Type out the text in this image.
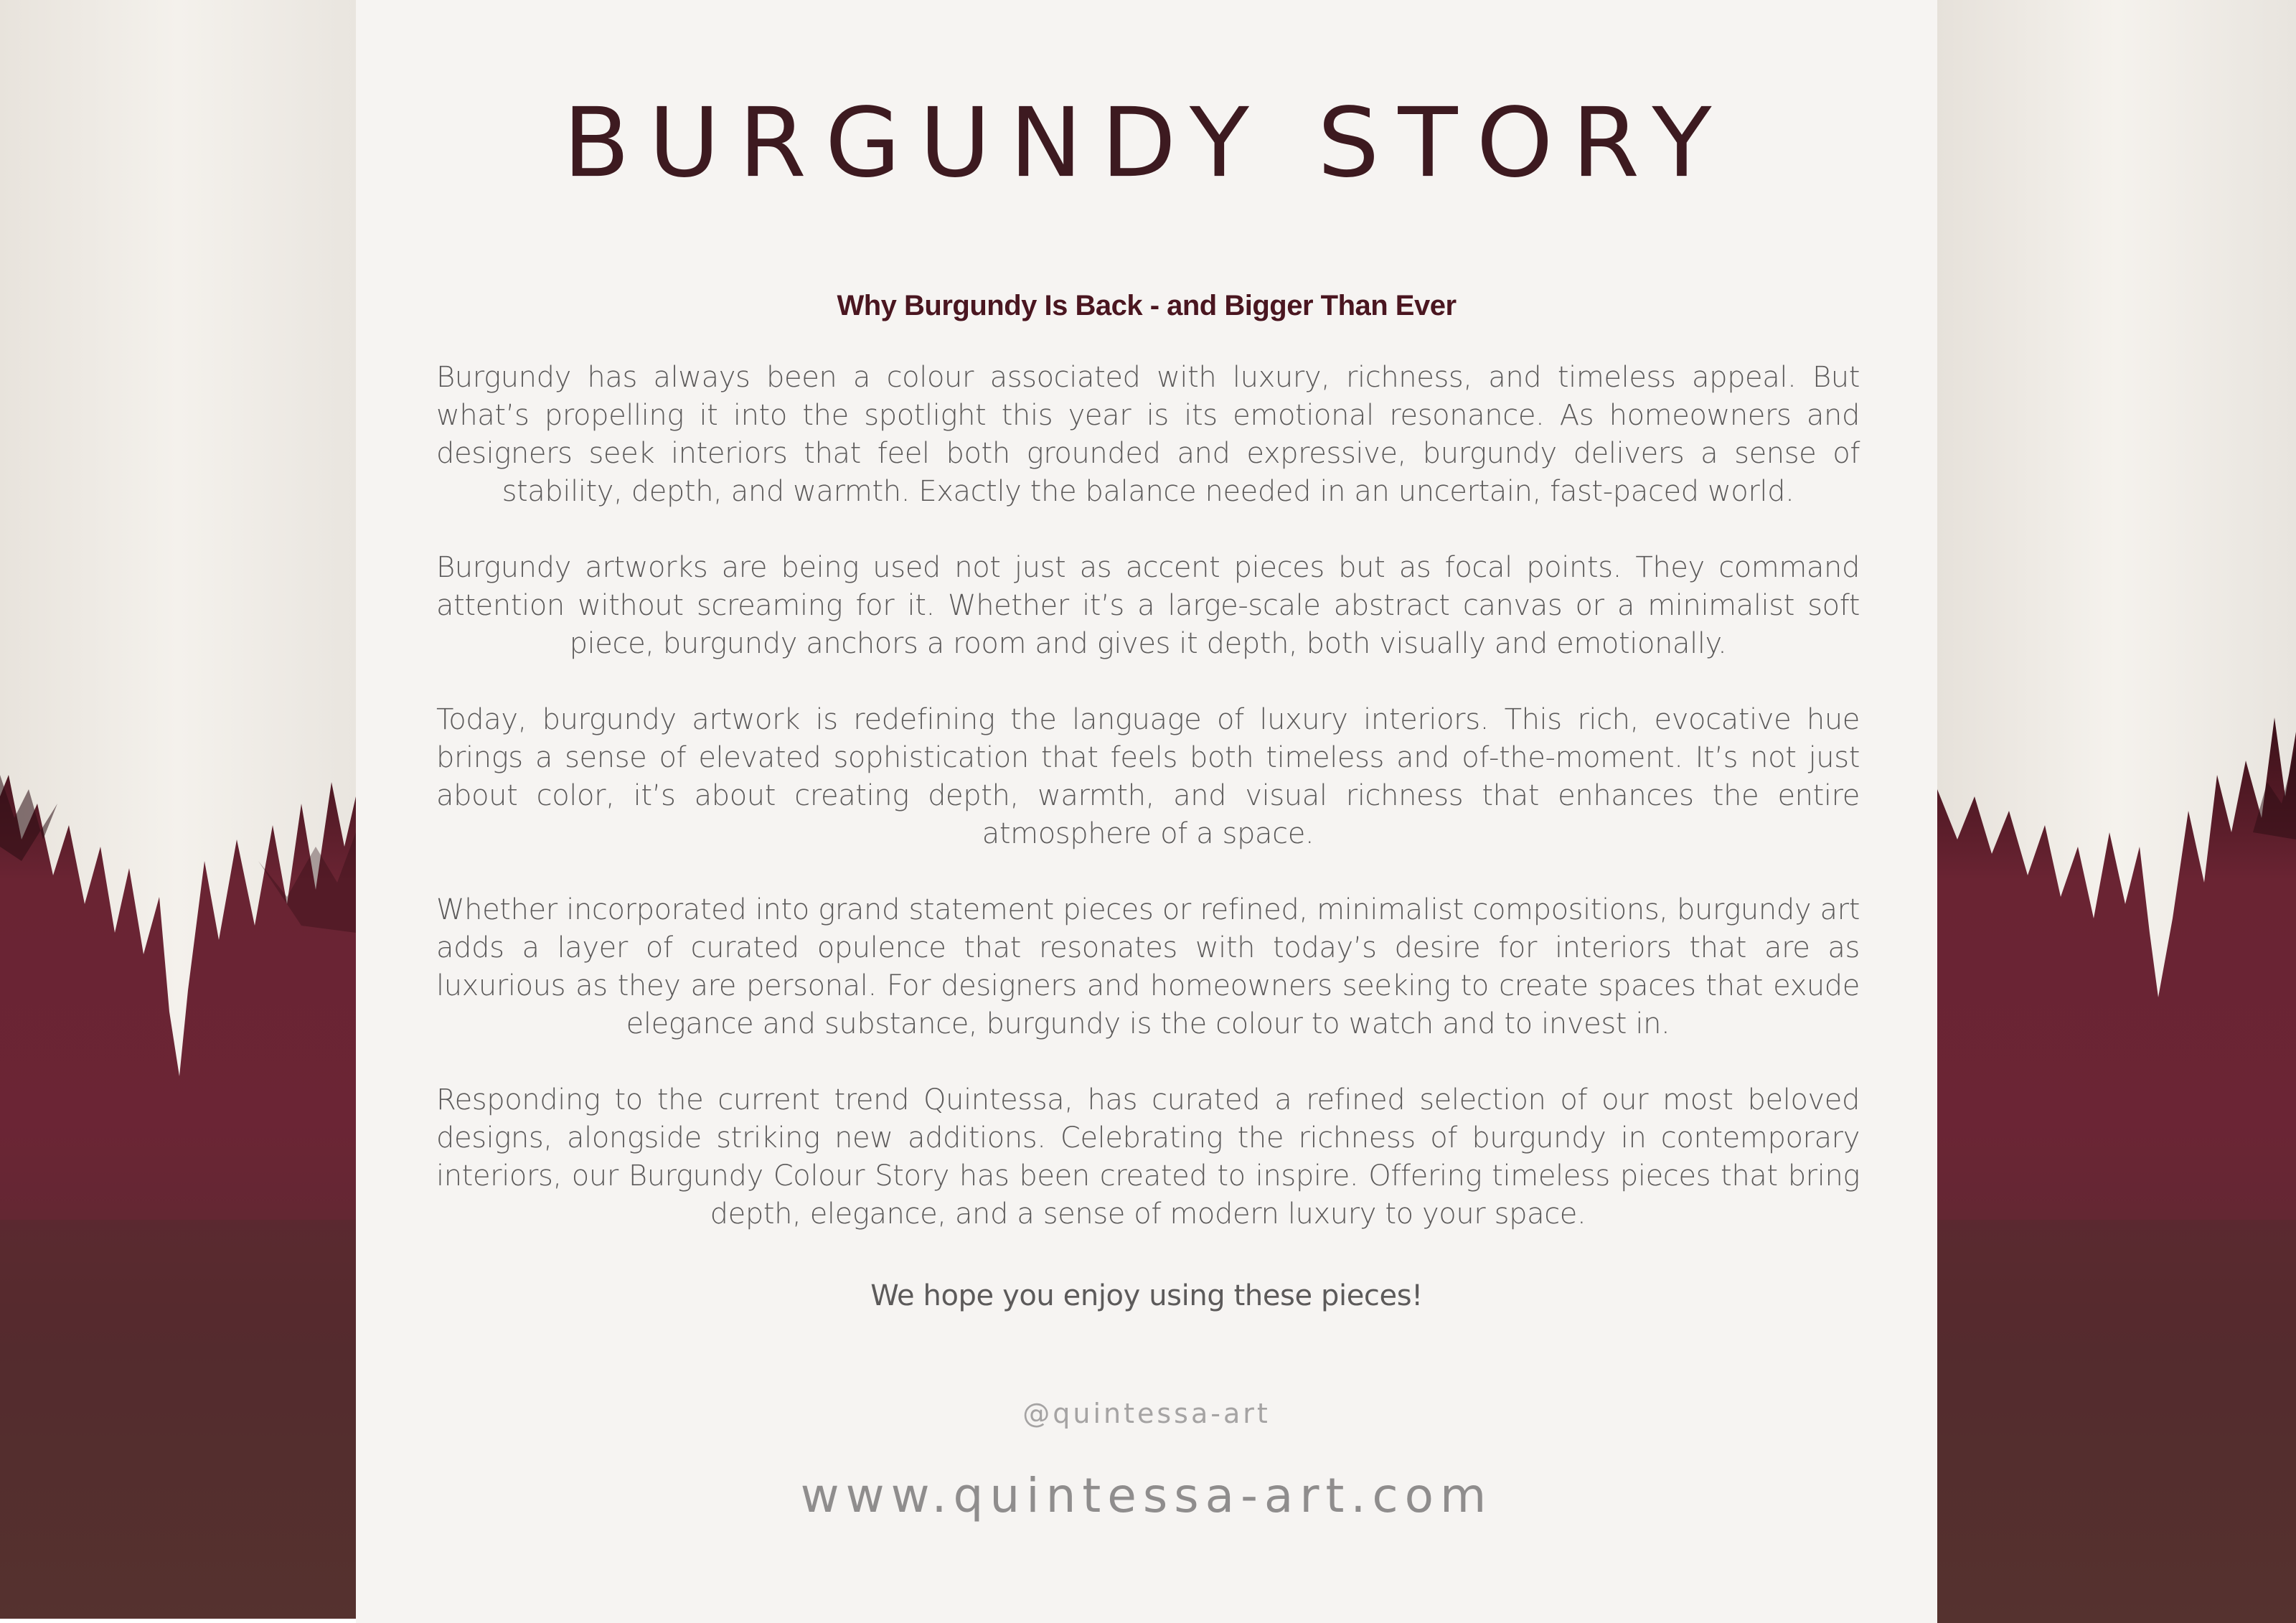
BURGUNDY STORY
Why Burgundy Is Back - and Bigger Than Ever

Burgundy has always been a colour associated with luxury, richness, and timeless appeal. But what’s propelling it into the spotlight this year is its emotional resonance. As homeowners and designers seek interiors that feel both grounded and expressive, burgundy delivers a sense of stability, depth, and warmth. Exactly the balance needed in an uncertain, fast-paced world.

Burgundy artworks are being used not just as accent pieces but as focal points. They command attention without screaming for it. Whether it’s a large-scale abstract canvas or a minimalist soft piece, burgundy anchors a room and gives it depth, both visually and emotionally.

Today, burgundy artwork is redefining the language of luxury interiors. This rich, evocative hue brings a sense of elevated sophistication that feels both timeless and of-the-moment. It’s not just about color, it’s about creating depth, warmth, and visual richness that enhances the entire atmosphere of a space.

Whether incorporated into grand statement pieces or refined, minimalist compositions, burgundy art adds a layer of curated opulence that resonates with today’s desire for interiors that are as luxurious as they are personal. For designers and homeowners seeking to create spaces that exude elegance and substance, burgundy is the colour to watch and to invest in.

Responding to the current trend Quintessa, has curated a refined selection of our most beloved designs, alongside striking new additions. Celebrating the richness of burgundy in contemporary interiors, our Burgundy Colour Story has been created to inspire. Offering timeless pieces that bring depth, elegance, and a sense of modern luxury to your space.

We hope you enjoy using these pieces!

@quintessa-art

www.quintessa-art.com
